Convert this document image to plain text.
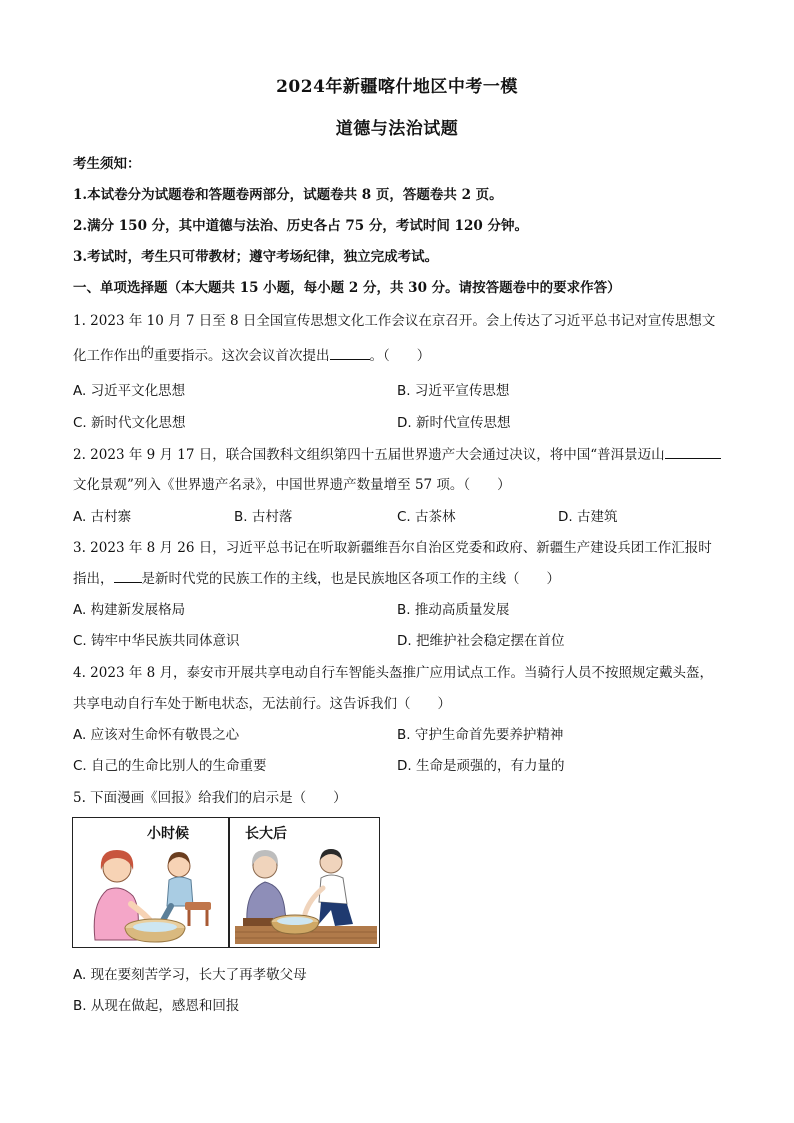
2024年新疆喀什地区中考一模
道德与法治试题
考生须知：
1.本试卷分为试题卷和答题卷两部分，试题卷共 8 页，答题卷共 2 页。
2.满分 150 分，其中道德与法治、历史各占 75 分，考试时间 120 分钟。
3.考试时，考生只可带教材；遵守考场纪律，独立完成考试。
一、单项选择题（本大题共 15 小题，每小题 2 分，共 30 分。请按答题卷中的要求作答）
1. 2023 年 10 月 7 日至 8 日全国宣传思想文化工作会议在京召开。会上传达了习近平总书记对宣传思想文
化工作作出的重要指示。这次会议首次提出	。（　　）
A. 习近平文化思想	B. 习近平宣传思想
C. 新时代文化思想	D. 新时代宣传思想
2. 2023 年 9 月 17 日，联合国教科文组织第四十五届世界遗产大会通过决议，将中国“普洱景迈山
文化景观”列入《世界遗产名录》，中国世界遗产数量增至 57 项。（　　）
A. 古村寨	B. 古村落	C. 古茶林	D. 古建筑
3. 2023 年 8 月 26 日，习近平总书记在听取新疆维吾尔自治区党委和政府、新疆生产建设兵团工作汇报时
指出， 是新时代党的民族工作的主线，也是民族地区各项工作的主线（　　）
A. 构建新发展格局	B. 推动高质量发展
C. 铸牢中华民族共同体意识	D. 把维护社会稳定摆在首位
4. 2023 年 8 月，泰安市开展共享电动自行车智能头盔推广应用试点工作。当骑行人员不按照规定戴头盔，
共享电动自行车处于断电状态，无法前行。这告诉我们（　　）
A. 应该对生命怀有敬畏之心	B. 守护生命首先要养护精神
C. 自己的生命比别人的生命重要	D. 生命是顽强的，有力量的
5. 下面漫画《回报》给我们的启示是（　　）
小时候	长大后
A. 现在要刻苦学习，长大了再孝敬父母
B. 从现在做起，感恩和回报
